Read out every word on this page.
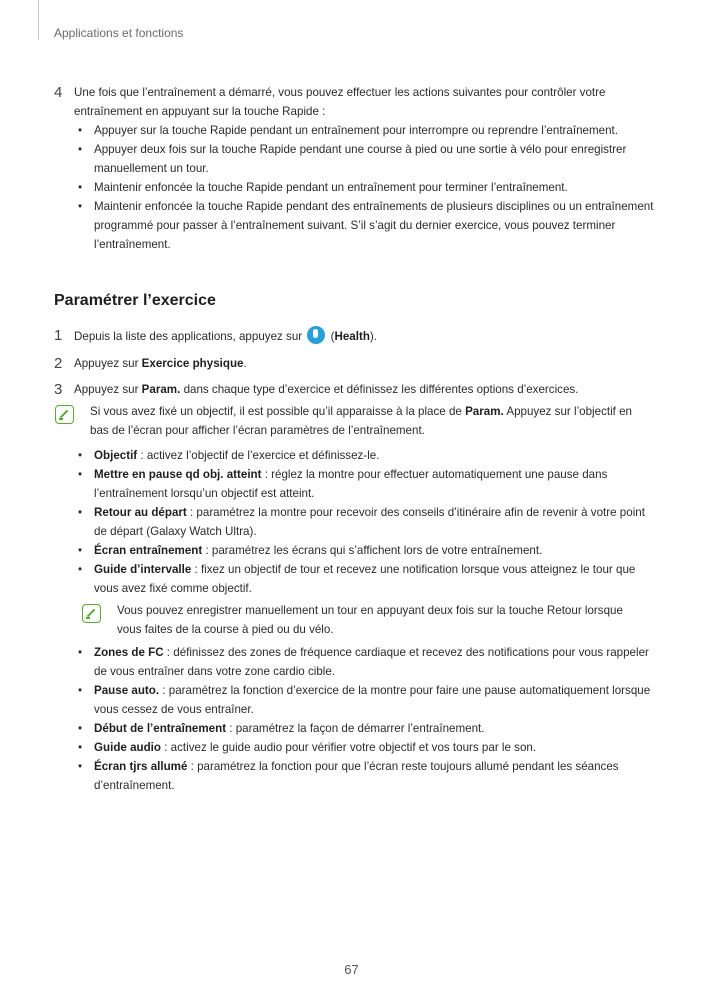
Applications et fonctions
4 Une fois que l’entraînement a démarré, vous pouvez effectuer les actions suivantes pour contrôler votre entraînement en appuyant sur la touche Rapide :
• Appuyer sur la touche Rapide pendant un entraînement pour interrompre ou reprendre l’entraînement.
• Appuyer deux fois sur la touche Rapide pendant une course à pied ou une sortie à vélo pour enregistrer manuellement un tour.
• Maintenir enfoncée la touche Rapide pendant un entraînement pour terminer l’entraînement.
• Maintenir enfoncée la touche Rapide pendant des entraînements de plusieurs disciplines ou un entraînement programmé pour passer à l’entraînement suivant. S’il s’agit du dernier exercice, vous pouvez terminer l’entraînement.
Paramétrer l’exercice
1 Depuis la liste des applications, appuyez sur  (Health).
2 Appuyez sur Exercice physique.
3 Appuyez sur Param. dans chaque type d’exercice et définissez les différentes options d’exercices.
Si vous avez fixé un objectif, il est possible qu’il apparaisse à la place de Param. Appuyez sur l’objectif en bas de l’écran pour afficher l’écran paramètres de l’entraînement.
• Objectif : activez l’objectif de l’exercice et définissez-le.
• Mettre en pause qd obj. atteint : réglez la montre pour effectuer automatiquement une pause dans l’entraînement lorsqu’un objectif est atteint.
• Retour au départ : paramétrez la montre pour recevoir des conseils d’itinéraire afin de revenir à votre point de départ (Galaxy Watch Ultra).
• Écran entraînement : paramétrez les écrans qui s’affichent lors de votre entraînement.
• Guide d’intervalle : fixez un objectif de tour et recevez une notification lorsque vous atteignez le tour que vous avez fixé comme objectif.
Vous pouvez enregistrer manuellement un tour en appuyant deux fois sur la touche Retour lorsque vous faites de la course à pied ou du vélo.
• Zones de FC : définissez des zones de fréquence cardiaque et recevez des notifications pour vous rappeler de vous entraîner dans votre zone cardio cible.
• Pause auto. : paramétrez la fonction d’exercice de la montre pour faire une pause automatiquement lorsque vous cessez de vous entraîner.
• Début de l’entraînement : paramétrez la façon de démarrer l’entraînement.
• Guide audio : activez le guide audio pour vérifier votre objectif et vos tours par le son.
• Écran tjrs allumé : paramétrez la fonction pour que l’écran reste toujours allumé pendant les séances d’entraînement.
67
